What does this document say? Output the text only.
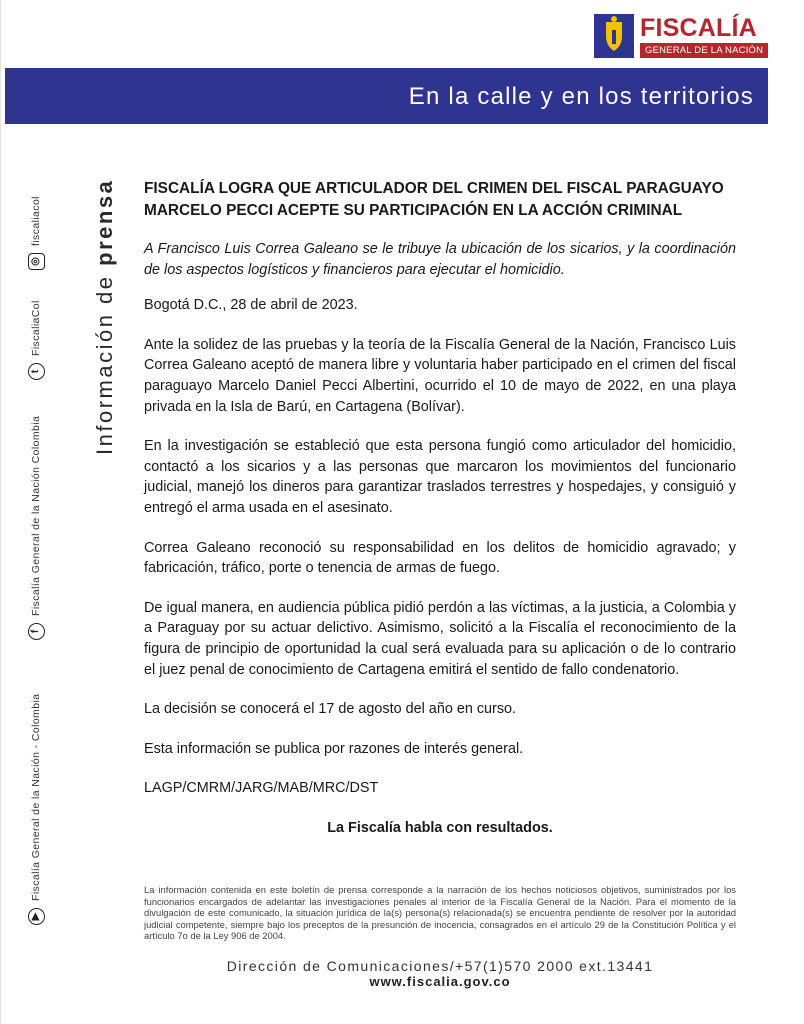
FISCALÍA
GENERAL DE LA NACIÓN
En la calle y en los territorios
Información de prensa
▶
Fiscalía General de la Nación - Colombia
f
Fiscalía General de la Nación Colombia
t
FiscaliaCol
◎
fiscaliacol
FISCALÍA LOGRA QUE ARTICULADOR DEL CRIMEN DEL FISCAL PARAGUAYO MARCELO PECCI ACEPTE SU PARTICIPACIÓN EN LA ACCIÓN CRIMINAL
A Francisco Luis Correa Galeano se le tribuye la ubicación de los sicarios, y la coordinación de los aspectos logísticos y financieros para ejecutar el homicidio.
Bogotá D.C., 28 de abril de 2023.
Ante la solidez de las pruebas y la teoría de la Fiscalía General de la Nación, Francisco Luis Correa Galeano aceptó de manera libre y voluntaria haber participado en el crimen del fiscal paraguayo Marcelo Daniel Pecci Albertini, ocurrido el 10 de mayo de 2022, en una playa privada en la Isla de Barú, en Cartagena (Bolívar).
En la investigación se estableció que esta persona fungió como articulador del homicidio, contactó a los sicarios y a las personas que marcaron los movimientos del funcionario judicial, manejó los dineros para garantizar traslados terrestres y hospedajes, y consiguió y entregó el arma usada en el asesinato.
Correa Galeano reconoció su responsabilidad en los delitos de homicidio agravado; y fabricación, tráfico, porte o tenencia de armas de fuego.
De igual manera, en audiencia pública pidió perdón a las víctimas, a la justicia, a Colombia y a Paraguay por su actuar delictivo. Asimismo, solicitó a la Fiscalía el reconocimiento de la figura de principio de oportunidad la cual será evaluada para su aplicación o de lo contrario el juez penal de conocimiento de Cartagena emitirá el sentido de fallo condenatorio.
La decisión se conocerá el 17 de agosto del año en curso.
Esta información se publica por razones de interés general.
LAGP/CMRM/JARG/MAB/MRC/DST
La Fiscalía habla con resultados.
La información contenida en este boletín de prensa corresponde a la narración de los hechos noticiosos objetivos, suministrados por los funcionarios encargados de adelantar las investigaciones penales al interior de la Fiscalía General de la Nación. Para el momento de la divulgación de este comunicado, la situación jurídica de la(s) persona(s) relacionada(s) se encuentra pendiente de resolver por la autoridad judicial competente, siempre bajo los preceptos de la presunción de inocencia, consagrados en el artículo 29 de la Constitución Política y el artículo 7o de la Ley 906 de 2004.
Dirección de Comunicaciones/+57(1)570 2000 ext.13441
www.fiscalia.gov.co
